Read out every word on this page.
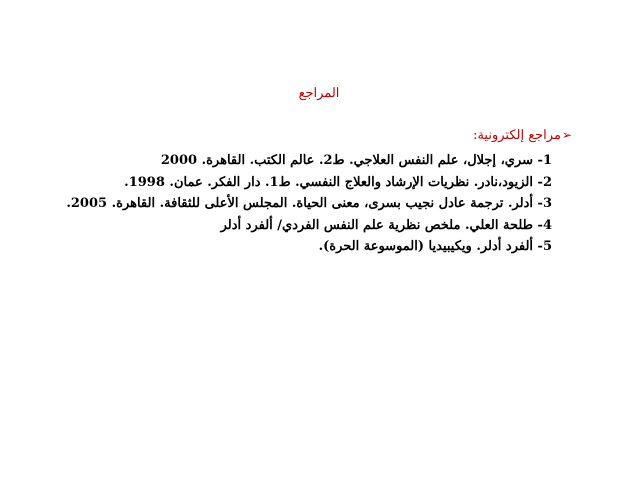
المراجع
➢مراجع إلكترونية:
1- سري، إجلال، علم النفس العلاجي. ط2. عالم الكتب. القاهرة. 2000
2- الزيود،نادر. نظريات الإرشاد والعلاج النفسي. ط1. دار الفكر. عمان. 1998.
3- أدلر. ترجمة عادل نجيب بسرى، معنى الحياة. المجلس الأعلى للثقافة. القاهرة. 2005.
4- طلحة العلي. ملخص نظرية علم النفس الفردي/ ألفرد أدلر
5- ألفرد أدلر. ويكيبيديا (الموسوعة الحرة).
